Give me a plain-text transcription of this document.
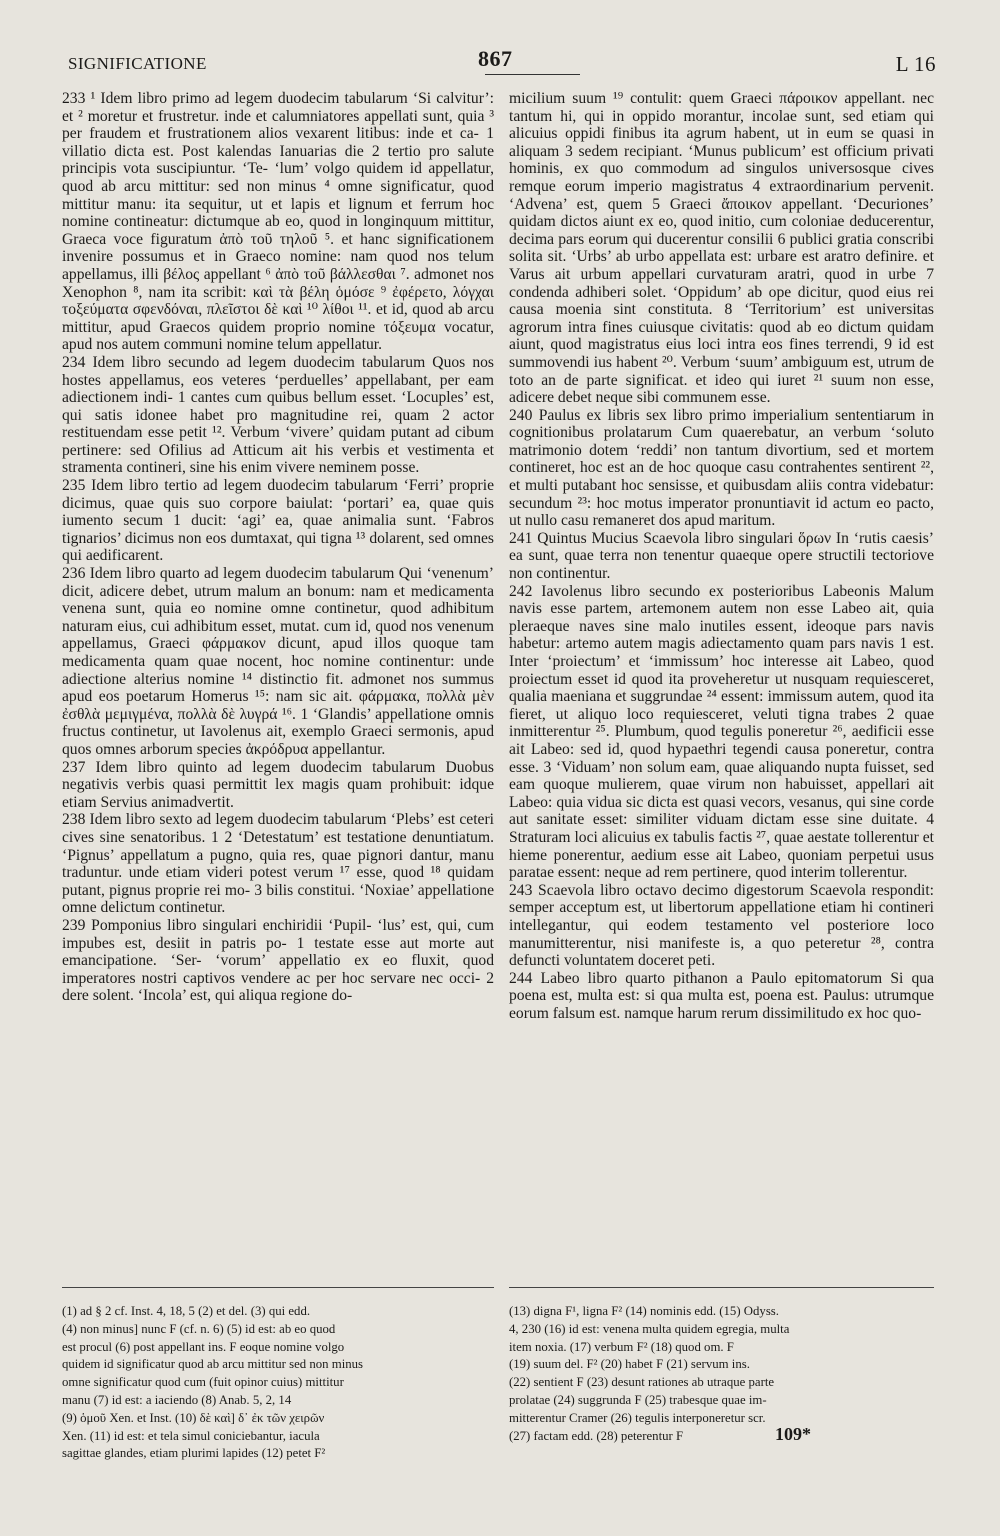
SIGNIFICATIONE	867	L 16

233 ¹ Idem libro primo ad legem duodecim tabularum ‘Si calvitur’: et ² moretur et frustretur. inde et calumniatores appellati sunt, quia ³ per fraudem et frustrationem alios vexarent litibus: inde et ca- 1 villatio dicta est. Post kalendas Ianuarias die 2 tertio pro salute principis vota suscipiuntur. ‘Te- ‘lum’ volgo quidem id appellatur, quod ab arcu mittitur: sed non minus ⁴ omne significatur, quod mittitur manu: ita sequitur, ut et lapis et lignum et ferrum hoc nomine contineatur: dictumque ab eo, quod in longinquum mittitur, Graeca voce figuratum ἀπὸ τοῦ τηλοῦ ⁵. et hanc significationem invenire possumus et in Graeco nomine: nam quod nos telum appellamus, illi βέλος appellant ⁶ ἀπὸ τοῦ βάλλεσθαι ⁷. admonet nos Xenophon ⁸, nam ita scribit: καὶ τὰ βέλη ὁμόσε ⁹ ἐφέρετο, λόγχαι τοξεύματα σφενδόναι, πλεῖστοι δὲ καὶ ¹⁰ λίθοι ¹¹. et id, quod ab arcu mittitur, apud Graecos quidem proprio nomine τόξευμα vocatur, apud nos autem communi nomine telum appellatur.

234 Idem libro secundo ad legem duodecim tabularum Quos nos hostes appellamus, eos veteres ‘perduelles’ appellabant, per eam adiectionem indi- 1 cantes cum quibus bellum esset. ‘Locuples’ est, qui satis idonee habet pro magnitudine rei, quam 2 actor restituendam esse petit ¹². Verbum ‘vivere’ quidam putant ad cibum pertinere: sed Ofilius ad Atticum ait his verbis et vestimenta et stramenta contineri, sine his enim vivere neminem posse.

235 Idem libro tertio ad legem duodecim tabularum ‘Ferri’ proprie dicimus, quae quis suo corpore baiulat: ‘portari’ ea, quae quis iumento secum 1 ducit: ‘agi’ ea, quae animalia sunt. ‘Fabros tignarios’ dicimus non eos dumtaxat, qui tigna ¹³ dolarent, sed omnes qui aedificarent.

236 Idem libro quarto ad legem duodecim tabularum Qui ‘venenum’ dicit, adicere debet, utrum malum an bonum: nam et medicamenta venena sunt, quia eo nomine omne continetur, quod adhibitum naturam eius, cui adhibitum esset, mutat. cum id, quod nos venenum appellamus, Graeci φάρμακον dicunt, apud illos quoque tam medicamenta quam quae nocent, hoc nomine continentur: unde adiectione alterius nomine ¹⁴ distinctio fit. admonet nos summus apud eos poetarum Homerus ¹⁵: nam sic ait. φάρμακα, πολλὰ μὲν ἐσθλὰ μεμιγμένα, πολλὰ δὲ λυγρά ¹⁶. 1 ‘Glandis’ appellatione omnis fructus continetur, ut Iavolenus ait, exemplo Graeci sermonis, apud quos omnes arborum species ἀκρόδρυα appellantur.

237 Idem libro quinto ad legem duodecim tabularum Duobus negativis verbis quasi permittit lex magis quam prohibuit: idque etiam Servius animadvertit.

238 Idem libro sexto ad legem duodecim tabularum ‘Plebs’ est ceteri cives sine senatoribus. 1 2 ‘Detestatum’ est testatione denuntiatum. ‘Pignus’ appellatum a pugno, quia res, quae pignori dantur, manu traduntur. unde etiam videri potest verum ¹⁷ esse, quod ¹⁸ quidam putant, pignus proprie rei mo- 3 bilis constitui. ‘Noxiae’ appellatione omne delictum continetur.

239 Pomponius libro singulari enchiridii ‘Pupil- ‘lus’ est, qui, cum impubes est, desiit in patris po- 1 testate esse aut morte aut emancipatione. ‘Ser- ‘vorum’ appellatio ex eo fluxit, quod imperatores nostri captivos vendere ac per hoc servare nec occi- 2 dere solent. ‘Incola’ est, qui aliqua regione do-

micilium suum ¹⁹ contulit: quem Graeci πάροικον appellant. nec tantum hi, qui in oppido morantur, incolae sunt, sed etiam qui alicuius oppidi finibus ita agrum habent, ut in eum se quasi in aliquam 3 sedem recipiant. ‘Munus publicum’ est officium privati hominis, ex quo commodum ad singulos universosque cives remque eorum imperio magistratus 4 extraordinarium pervenit. ‘Advena’ est, quem 5 Graeci ἄποικον appellant. ‘Decuriones’ quidam dictos aiunt ex eo, quod initio, cum coloniae deducerentur, decima pars eorum qui ducerentur consilii 6 publici gratia conscribi solita sit. ‘Urbs’ ab urbo appellata est: urbare est aratro definire. et Varus ait urbum appellari curvaturam aratri, quod in urbe 7 condenda adhiberi solet. ‘Oppidum’ ab ope dicitur, quod eius rei causa moenia sint constituta. 8 ‘Territorium’ est universitas agrorum intra fines cuiusque civitatis: quod ab eo dictum quidam aiunt, quod magistratus eius loci intra eos fines terrendi, 9 id est summovendi ius habent ²⁰. Verbum ‘suum’ ambiguum est, utrum de toto an de parte significat. et ideo qui iuret ²¹ suum non esse, adicere debet neque sibi communem esse.

240 Paulus ex libris sex libro primo imperialium sententiarum in cognitionibus prolatarum Cum quaerebatur, an verbum ‘soluto matrimonio dotem ‘reddi’ non tantum divortium, sed et mortem contineret, hoc est an de hoc quoque casu contrahentes sentirent ²², et multi putabant hoc sensisse, et quibusdam aliis contra videbatur: secundum ²³: hoc motus imperator pronuntiavit id actum eo pacto, ut nullo casu remaneret dos apud maritum.

241 Quintus Mucius Scaevola libro singulari ὅρων In ‘rutis caesis’ ea sunt, quae terra non tenentur quaeque opere structili tectoriove non continentur.

242 Iavolenus libro secundo ex posterioribus Labeonis Malum navis esse partem, artemonem autem non esse Labeo ait, quia pleraeque naves sine malo inutiles essent, ideoque pars navis habetur: artemo autem magis adiectamento quam pars navis 1 est. Inter ‘proiectum’ et ‘immissum’ hoc interesse ait Labeo, quod proiectum esset id quod ita proveheretur ut nusquam requiesceret, qualia maeniana et suggrundae ²⁴ essent: immissum autem, quod ita fieret, ut aliquo loco requiesceret, veluti tigna trabes 2 quae inmitterentur ²⁵. Plumbum, quod tegulis poneretur ²⁶, aedificii esse ait Labeo: sed id, quod hypaethri tegendi causa poneretur, contra esse. 3 ‘Viduam’ non solum eam, quae aliquando nupta fuisset, sed eam quoque mulierem, quae virum non habuisset, appellari ait Labeo: quia vidua sic dicta est quasi vecors, vesanus, qui sine corde aut sanitate esset: similiter viduam dictam esse sine duitate. 4 Straturam loci alicuius ex tabulis factis ²⁷, quae aestate tollerentur et hieme ponerentur, aedium esse ait Labeo, quoniam perpetui usus paratae essent: neque ad rem pertinere, quod interim tollerentur.

243 Scaevola libro octavo decimo digestorum Scaevola respondit: semper acceptum est, ut libertorum appellatione etiam hi contineri intellegantur, qui eodem testamento vel posteriore loco manumitterentur, nisi manifeste is, a quo peteretur ²⁸, contra defuncti voluntatem doceret peti.

244 Labeo libro quarto pithanon a Paulo epitomatorum Si qua poena est, multa est: si qua multa est, poena est. Paulus: utrumque eorum falsum est. namque harum rerum dissimilitudo ex hoc quo-

(1) ad § 2 cf. Inst. 4, 18, 5 (2) et del. (3) qui edd.
(4) non minus] nunc F (cf. n. 6) (5) id est: ab eo quod
est procul (6) post appellant ins. F eoque nomine volgo
quidem id significatur quod ab arcu mittitur sed non minus
omne significatur quod cum (fuit opinor cuius) mittitur
manu (7) id est: a iaciendo (8) Anab. 5, 2, 14
(9) ὁμοῦ Xen. et Inst. (10) δὲ καὶ] δ᾽ ἐκ τῶν χειρῶν
Xen. (11) id est: et tela simul coniciebantur, iacula
sagittae glandes, etiam plurimi lapides (12) petet F²
(13) digna F¹, ligna F² (14) nominis edd. (15) Odyss.
4, 230 (16) id est: venena multa quidem egregia, multa
item noxia. (17) verbum F² (18) quod om. F
(19) suum del. F² (20) habet F (21) servum ins.
(22) sentient F (23) desunt rationes ab utraque parte
prolatae (24) suggrunda F (25) trabesque quae im-
mitterentur Cramer (26) tegulis interponeretur scr.
(27) factam edd. (28) peterentur F	109*
